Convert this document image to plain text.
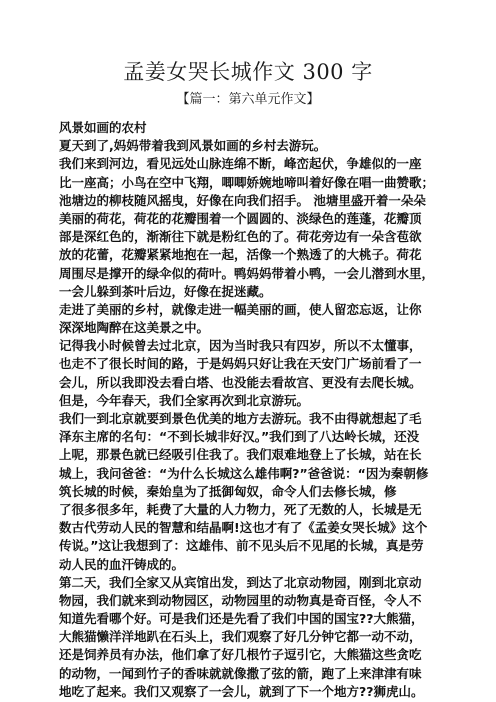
孟姜女哭长城作文 300 字
【篇一：第六单元作文】
风景如画的农村
夏天到了,妈妈带着我到风景如画的乡村去游玩。
我们来到河边，看见远处山脉连绵不断，峰峦起伏，争雄似的一座
比一座高；小鸟在空中飞翔，唧唧娇婉地啼叫着好像在唱一曲赞歌；
池塘边的柳枝随风摇曳，好像在向我们招手。 池塘里盛开着一朵朵
美丽的荷花，荷花的花瓣围着一个圆圆的、淡绿色的莲蓬，花瓣顶
部是深红色的，渐渐往下就是粉红色的了。荷花旁边有一朵含苞欲
放的花蕾，花瓣紧紧地抱在一起，活像一个熟透了的大桃子。荷花
周围尽是撑开的绿伞似的荷叶。鸭妈妈带着小鸭，一会儿潜到水里，
一会儿躲到茶叶后边，好像在捉迷藏。
走进了美丽的乡村，就像走进一幅美丽的画，使人留恋忘返，让你
深深地陶醉在这美景之中。
记得我小时候曾去过北京，因为当时我只有四岁，所以不太懂事，
也走不了很长时间的路，于是妈妈只好让我在天安门广场前看了一
会儿，所以我即没去看白塔、也没能去看故宫、更没有去爬长城。
但是，今年春天，我们全家再次到北京游玩。
我们一到北京就要到景色优美的地方去游玩。我不由得就想起了毛
泽东主席的名句：“不到长城非好汉。”我们到了八达岭长城，还没
上呢，那景色就已经吸引住我了。我们艰难地登上了长城，站在长
城上，我问爸爸：“为什么长城这么雄伟啊?”爸爸说：“因为秦朝修
筑长城的时候，秦始皇为了抵御匈奴，命令人们去修长城，修
了很多很多年，耗费了大量的人力物力，死了无数的人，长城是无
数古代劳动人民的智慧和结晶啊!这也才有了《孟姜女哭长城》这个
传说。”这让我想到了：这雄伟、前不见头后不见尾的长城，真是劳
动人民的血汗铸成的。
第二天，我们全家又从宾馆出发，到达了北京动物园，刚到北京动
物园，我们就来到动物园区，动物园里的动物真是奇百怪，令人不
知道先看哪个好。可是我们还是先看了我们中国的国宝??大熊猫，
大熊猫懒洋洋地趴在石头上，我们观察了好几分钟它都一动不动，
还是饲养员有办法，他们拿了好几根竹子逗引它，大熊猫这些贪吃
的动物，一闻到竹子的香味就就像撒了弦的箭，跑了上来津津有味
地吃了起来。我们又观察了一会儿，就到了下一个地方??狮虎山。
